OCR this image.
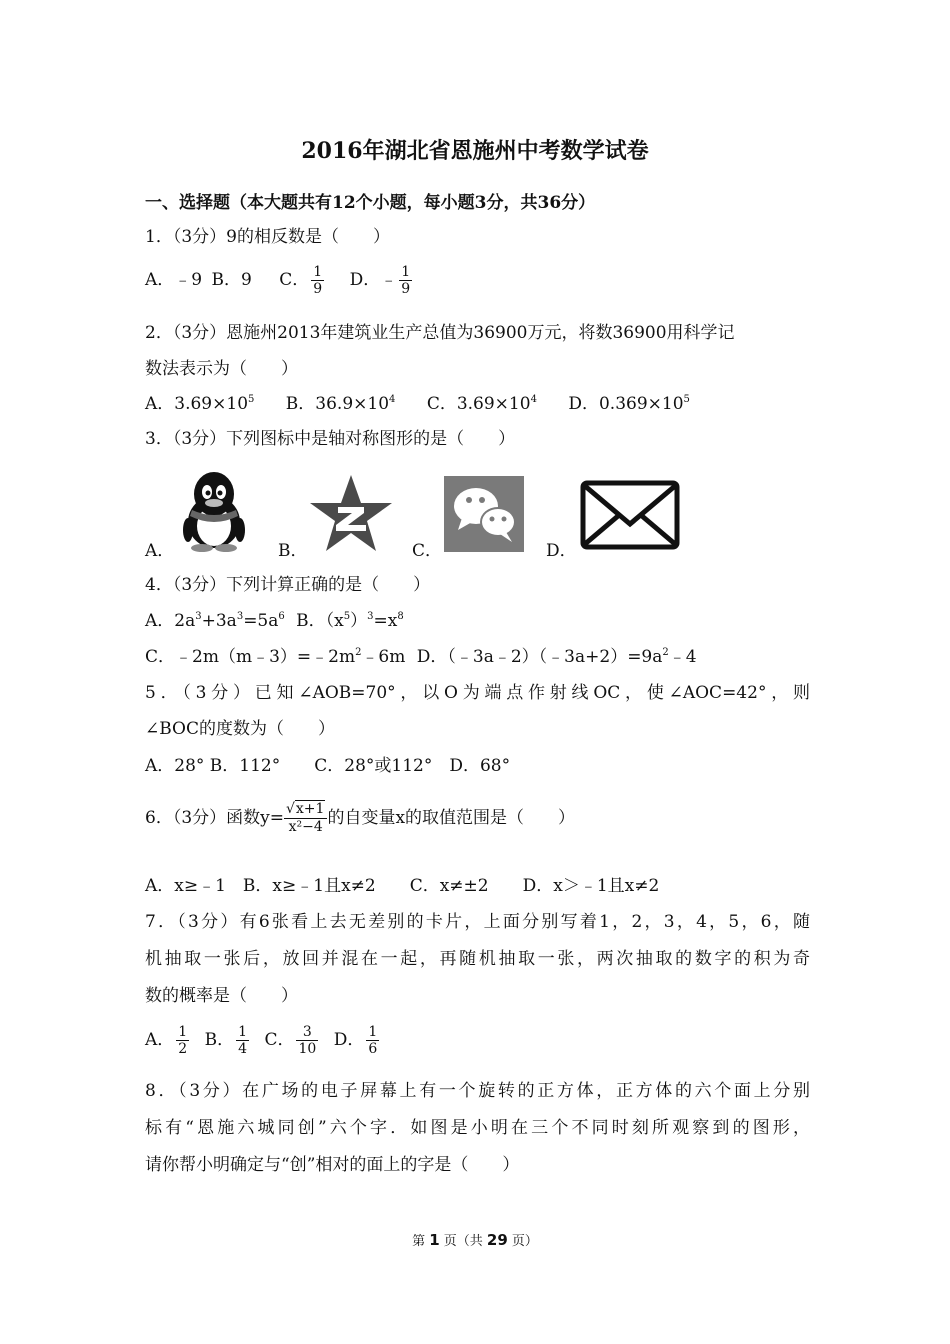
2016年湖北省恩施州中考数学试卷
一、选择题（本大题共有12个小题，每小题3分，共36分）
1．（3分）9的相反数是（　　）
A．﹣9 B．9 C． $\frac{1}{9}$ D．﹣ $\frac{1}{9}$
2．（3分）恩施州2013年建筑业生产总值为36900万元，将数36900用科学记
数法表示为（　　）
A．$3.69\times 10^5$ B．$36.9\times 10^4$ C．$3.69\times 10^4$ D．$0.369\times 10^5$
3．（3分）下列图标中是轴对称图形的是（　　）
A．	B．	C．	D．
4．（3分）下列计算正确的是（　　）
A．$2a^3+3a^3=5a^6$ B．$(x^5)^3=x^8$
C．$﹣2m(m﹣3)=﹣2m^2﹣6m$ D．$(﹣3a﹣2)(﹣3a+2)=9a^2﹣4$
5．（3分）已知∠AOB=70°，以O为端点作射线OC，使∠AOC=42°，则
∠BOC的度数为（　　）
A．28° B．112°　　C．28°或112°　D．68°
6．（3分）函数$y= \frac{√x+1}{\text{x²−4}}$的自变量x的取值范围是（　　）
A．x≥﹣1　B．x≥﹣1且x≠2　　C．x≠±2　　D．x＞﹣1且x≠2
7．（3分）有6张看上去无差别的卡片，上面分别写着1，2，3，4，5，6，随
机抽取一张后，放回并混在一起，再随机抽取一张，两次抽取的数字的积为奇
数的概率是（　　）
A． $\frac{1}{2}$ B． $\frac{1}{4}$ C． $\frac{3}{10}$ D． $\frac{1}{6}$
8．（3分）在广场的电子屏幕上有一个旋转的正方体，正方体的六个面上分别
标有“恩施六城同创”六个字．如图是小明在三个不同时刻所观察到的图形，
请你帮小明确定与“创”相对的面上的字是（　　）
第 1 页（共 29 页）
